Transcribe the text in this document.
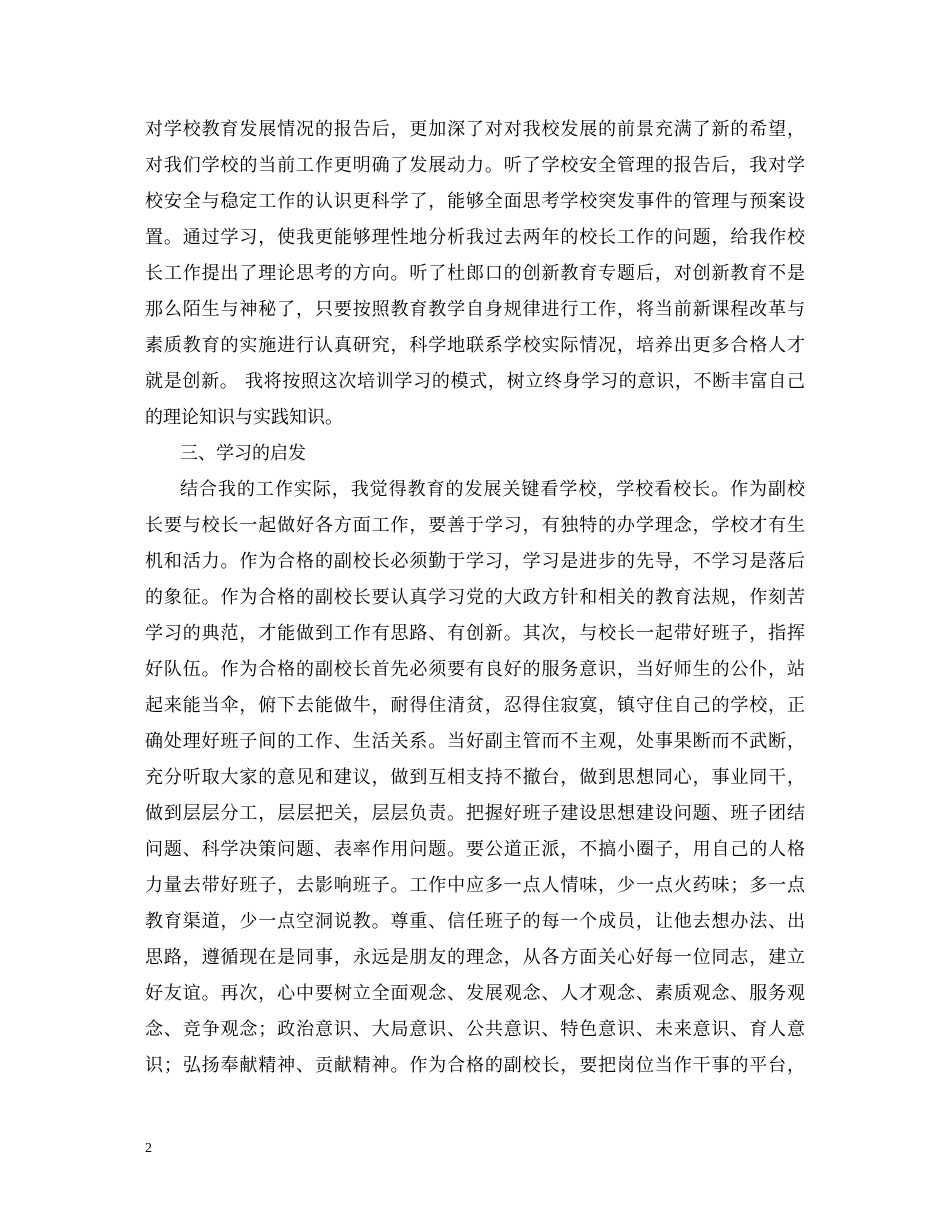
对学校教育发展情况的报告后，更加深了对对我校发展的前景充满了新的希望，
对我们学校的当前工作更明确了发展动力。听了学校安全管理的报告后，我对学
校安全与稳定工作的认识更科学了，能够全面思考学校突发事件的管理与预案设
置。通过学习，使我更能够理性地分析我过去两年的校长工作的问题，给我作校
长工作提出了理论思考的方向。听了杜郎口的创新教育专题后，对创新教育不是
那么陌生与神秘了，只要按照教育教学自身规律进行工作，将当前新课程改革与
素质教育的实施进行认真研究，科学地联系学校实际情况，培养出更多合格人才
就是创新。 我将按照这次培训学习的模式，树立终身学习的意识，不断丰富自己
的理论知识与实践知识。
三、学习的启发
结合我的工作实际，我觉得教育的发展关键看学校，学校看校长。作为副校
长要与校长一起做好各方面工作，要善于学习，有独特的办学理念，学校才有生
机和活力。作为合格的副校长必须勤于学习，学习是进步的先导，不学习是落后
的象征。作为合格的副校长要认真学习党的大政方针和相关的教育法规，作刻苦
学习的典范，才能做到工作有思路、有创新。其次，与校长一起带好班子，指挥
好队伍。作为合格的副校长首先必须要有良好的服务意识，当好师生的公仆，站
起来能当伞，俯下去能做牛，耐得住清贫，忍得住寂寞，镇守住自己的学校，正
确处理好班子间的工作、生活关系。当好副主管而不主观，处事果断而不武断，
充分听取大家的意见和建议，做到互相支持不撤台，做到思想同心，事业同干，
做到层层分工，层层把关，层层负责。把握好班子建设思想建设问题、班子团结
问题、科学决策问题、表率作用问题。要公道正派，不搞小圈子，用自己的人格
力量去带好班子，去影响班子。工作中应多一点人情味，少一点火药味；多一点
教育渠道，少一点空洞说教。尊重、信任班子的每一个成员，让他去想办法、出
思路，遵循现在是同事，永远是朋友的理念，从各方面关心好每一位同志，建立
好友谊。再次，心中要树立全面观念、发展观念、人才观念、素质观念、服务观
念、竞争观念；政治意识、大局意识、公共意识、特色意识、未来意识、育人意
识；弘扬奉献精神、贡献精神。作为合格的副校长，要把岗位当作干事的平台，
2
